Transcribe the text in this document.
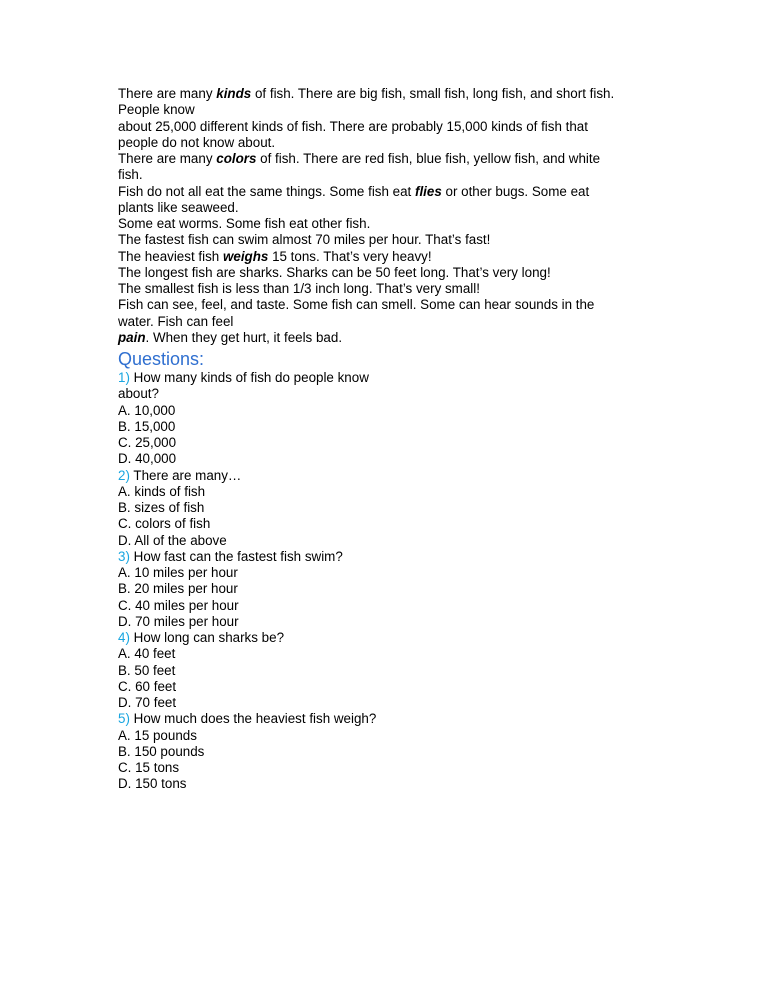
There are many kinds of fish. There are big fish, small fish, long fish, and short fish.
People know
about 25,000 different kinds of fish. There are probably 15,000 kinds of fish that
people do not know about.
There are many colors of fish. There are red fish, blue fish, yellow fish, and white
fish.
Fish do not all eat the same things. Some fish eat flies or other bugs. Some eat
plants like seaweed.
Some eat worms. Some fish eat other fish.
The fastest fish can swim almost 70 miles per hour. That’s fast!
The heaviest fish weighs 15 tons. That’s very heavy!
The longest fish are sharks. Sharks can be 50 feet long. That’s very long!
The smallest fish is less than 1/3 inch long. That’s very small!
Fish can see, feel, and taste. Some fish can smell. Some can hear sounds in the
water. Fish can feel
pain. When they get hurt, it feels bad.
Questions:
1) How many kinds of fish do people know
about?
A. 10,000
B. 15,000
C. 25,000
D. 40,000
2) There are many…
A. kinds of fish
B. sizes of fish
C. colors of fish
D. All of the above
3) How fast can the fastest fish swim?
A. 10 miles per hour
B. 20 miles per hour
C. 40 miles per hour
D. 70 miles per hour
4) How long can sharks be?
A. 40 feet
B. 50 feet
C. 60 feet
D. 70 feet
5) How much does the heaviest fish weigh?
A. 15 pounds
B. 150 pounds
C. 15 tons
D. 150 tons
